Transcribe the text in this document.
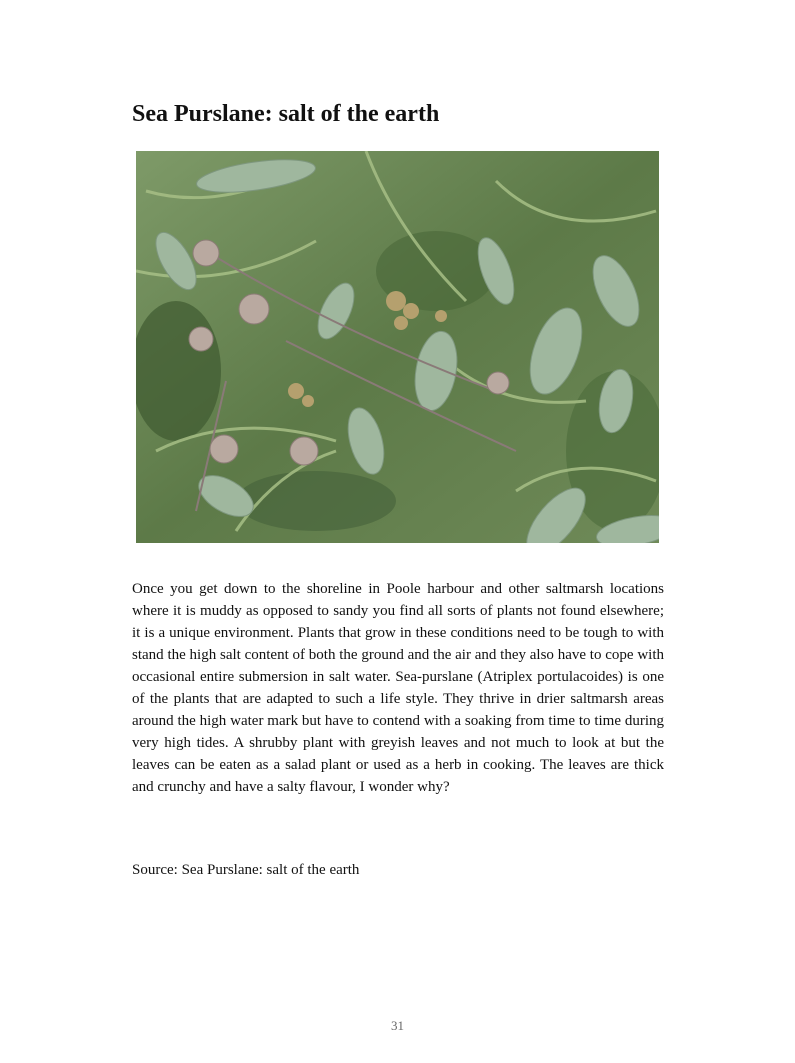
Sea Purslane: salt of the earth

Once you get down to the shoreline in Poole harbour and other saltmarsh locations where it is muddy as opposed to sandy you find all sorts of plants not found elsewhere; it is a unique environment. Plants that grow in these conditions need to be tough to with stand the high salt content of both the ground and the air and they also have to cope with occasional entire submersion in salt water. Sea-purslane (Atriplex portulacoides) is one of the plants that are adapted to such a life style. They thrive in drier saltmarsh areas around the high water mark but have to contend with a soaking from time to time during very high tides. A shrubby plant with greyish leaves and not much to look at but the leaves can be eaten as a salad plant or used as a herb in cooking. The leaves are thick and crunchy and have a salty flavour, I wonder why?

Source: Sea Purslane: salt of the earth

31
